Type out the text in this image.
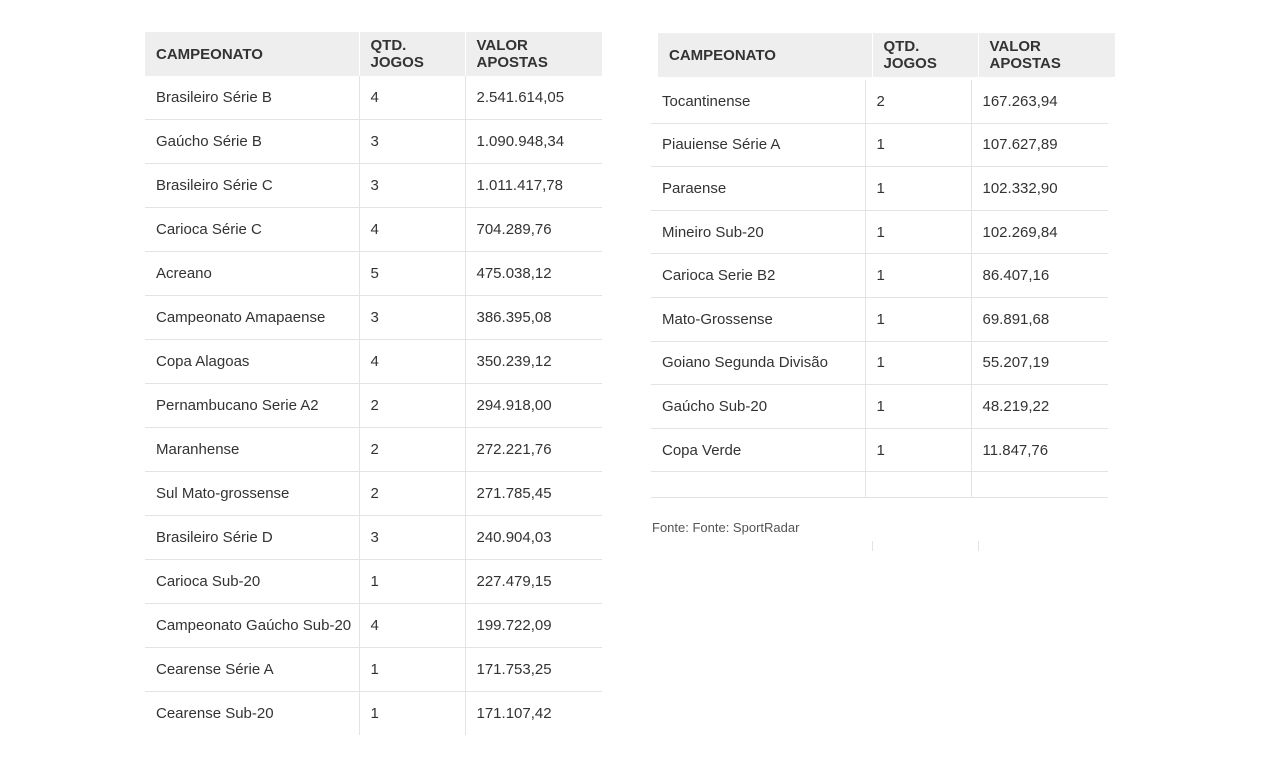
CAMPEONATO	QTD. JOGOS	VALOR APOSTAS
Brasileiro Série B	4	2.541.614,05
Gaúcho Série B	3	1.090.948,34
Brasileiro Série C	3	1.011.417,78
Carioca Série C	4	704.289,76
Acreano	5	475.038,12
Campeonato Amapaense	3	386.395,08
Copa Alagoas	4	350.239,12
Pernambucano Serie A2	2	294.918,00
Maranhense	2	272.221,76
Sul Mato-grossense	2	271.785,45
Brasileiro Série D	3	240.904,03
Carioca Sub-20	1	227.479,15
Campeonato Gaúcho Sub-20	4	199.722,09
Cearense Série A	1	171.753,25
Cearense Sub-20	1	171.107,42
CAMPEONATO	QTD. JOGOS	VALOR APOSTAS
Tocantinense	2	167.263,94
Piauiense Série A	1	107.627,89
Paraense	1	102.332,90
Mineiro Sub-20	1	102.269,84
Carioca Serie B2	1	86.407,16
Mato-Grossense	1	69.891,68
Goiano Segunda Divisão	1	55.207,19
Gaúcho Sub-20	1	48.219,22
Copa Verde	1	11.847,76

Fonte: Fonte: SportRadar
